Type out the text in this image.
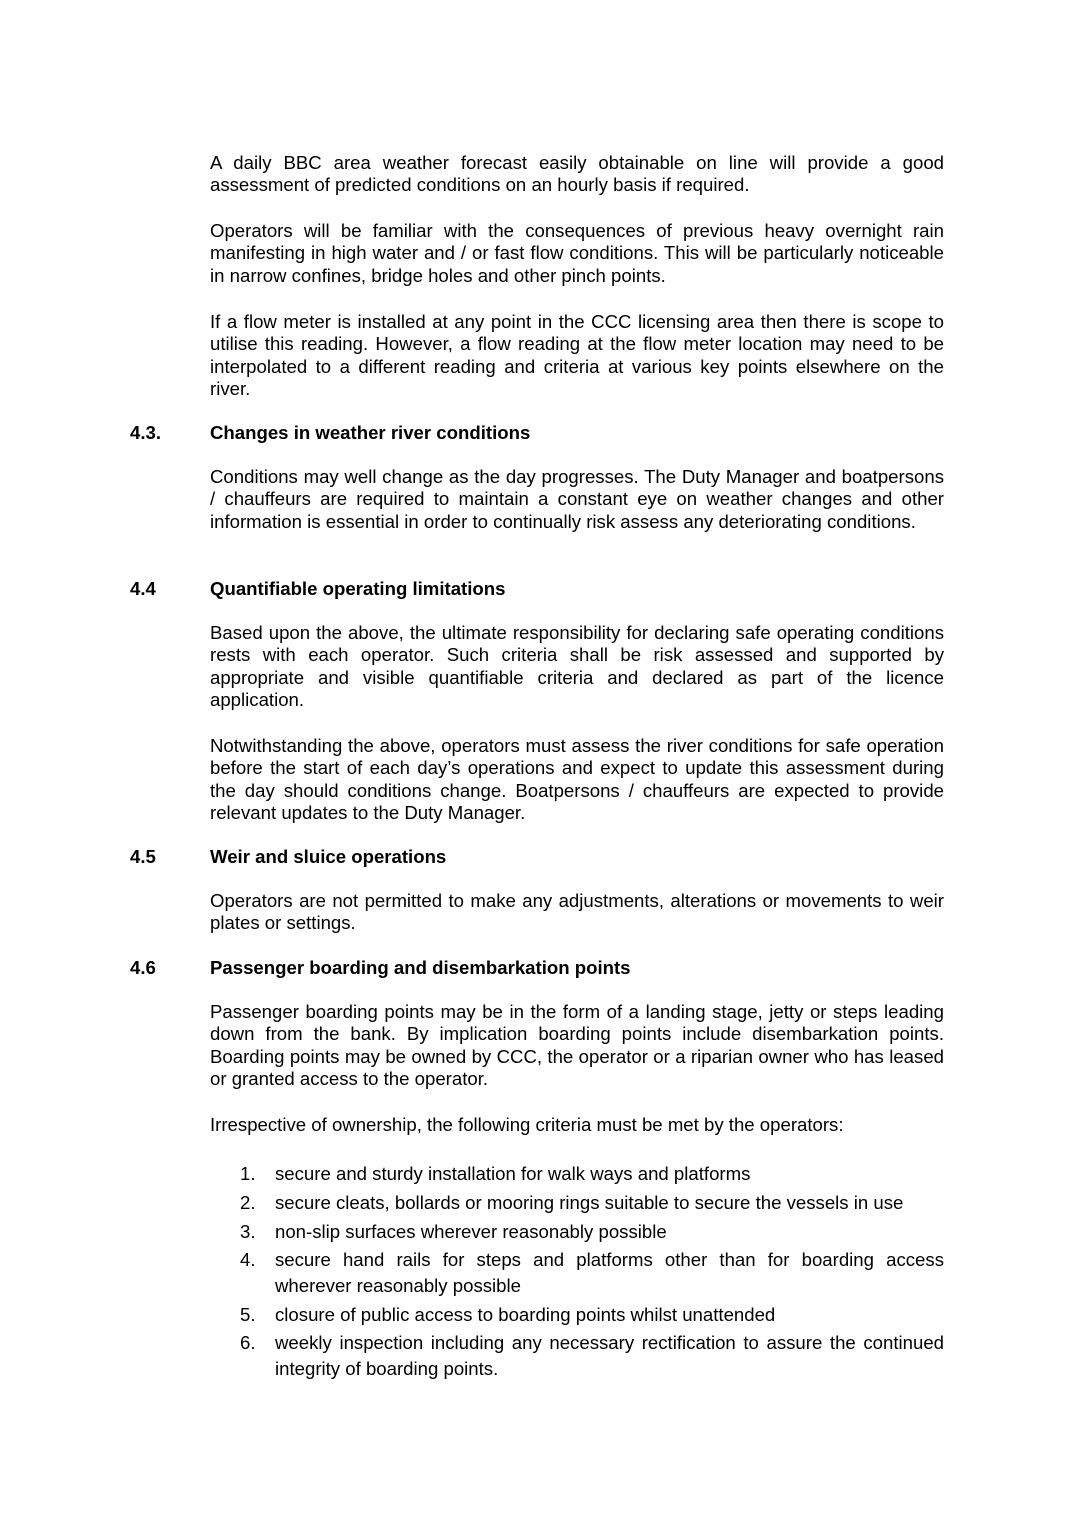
A daily BBC area weather forecast easily obtainable on line will provide a good assessment of predicted conditions on an hourly basis if required.

Operators will be familiar with the consequences of previous heavy overnight rain manifesting in high water and / or fast flow conditions. This will be particularly noticeable in narrow confines, bridge holes and other pinch points.

If a flow meter is installed at any point in the CCC licensing area then there is scope to utilise this reading. However, a flow reading at the flow meter location may need to be interpolated to a different reading and criteria at various key points elsewhere on the river.

4.3.	Changes in weather river conditions

Conditions may well change as the day progresses. The Duty Manager and boatpersons / chauffeurs are required to maintain a constant eye on weather changes and other information is essential in order to continually risk assess any deteriorating conditions.

4.4	Quantifiable operating limitations

Based upon the above, the ultimate responsibility for declaring safe operating conditions rests with each operator. Such criteria shall be risk assessed and supported by appropriate and visible quantifiable criteria and declared as part of the licence application.

Notwithstanding the above, operators must assess the river conditions for safe operation before the start of each day’s operations and expect to update this assessment during the day should conditions change. Boatpersons / chauffeurs are expected to provide relevant updates to the Duty Manager.

4.5	Weir and sluice operations

Operators are not permitted to make any adjustments, alterations or movements to weir plates or settings.

4.6	Passenger boarding and disembarkation points

Passenger boarding points may be in the form of a landing stage, jetty or steps leading down from the bank. By implication boarding points include disembarkation points. Boarding points may be owned by CCC, the operator or a riparian owner who has leased or granted access to the operator.

Irrespective of ownership, the following criteria must be met by the operators:

1. secure and sturdy installation for walk ways and platforms
2. secure cleats, bollards or mooring rings suitable to secure the vessels in use
3. non-slip surfaces wherever reasonably possible
4. secure hand rails for steps and platforms other than for boarding access wherever reasonably possible
5. closure of public access to boarding points whilst unattended
6. weekly inspection including any necessary rectification to assure the continued integrity of boarding points.
